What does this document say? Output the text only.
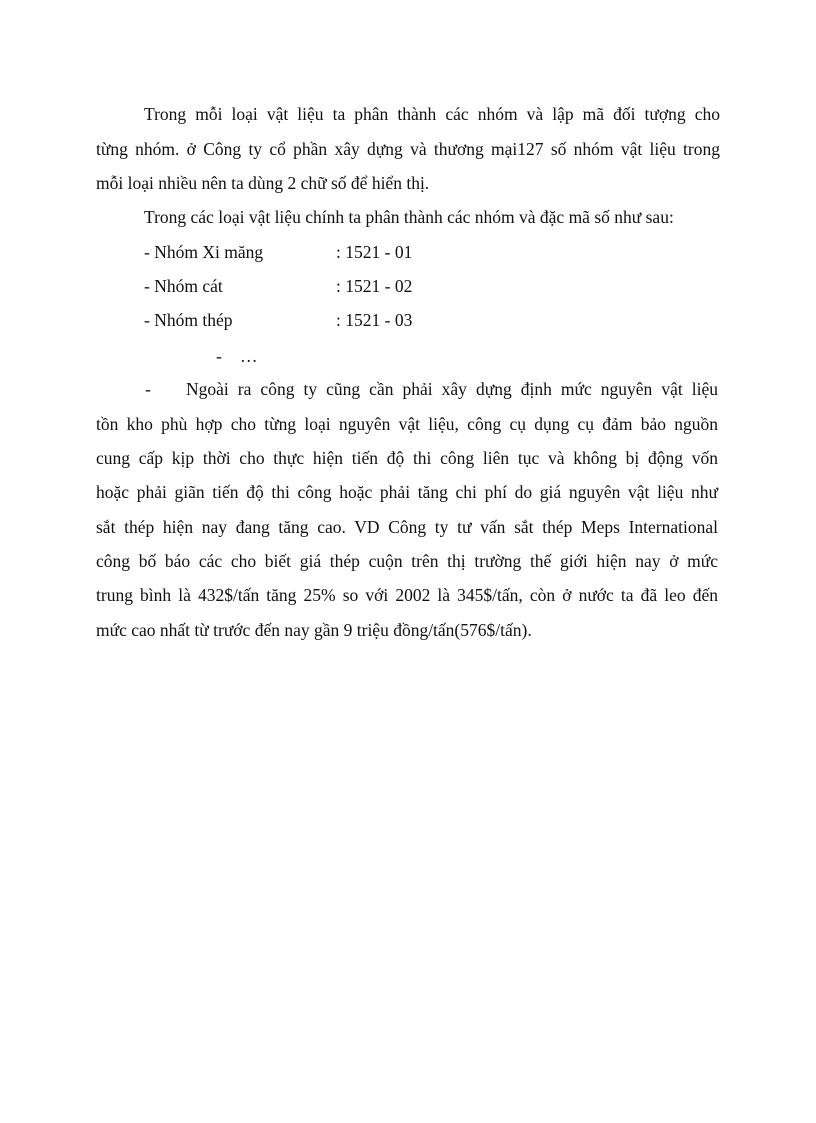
Trong mỗi loại vật liệu ta phân thành các nhóm và lập mã đối tượng cho
từng nhóm. ở Công ty cổ phần xây dựng và thương mại127 số nhóm vật liệu trong
mỗi loại nhiều nên ta dùng 2 chữ số để hiển thị.
Trong các loại vật liệu chính ta phân thành các nhóm và đặc mã số như sau:
- Nhóm Xi măng	: 1521 - 01
- Nhóm cát	: 1521 - 02
- Nhóm thép	: 1521 - 03
- …
- Ngoài ra công ty cũng cần phải xây dựng định mức nguyên vật liệu
tồn kho phù hợp cho từng loại nguyên vật liệu, công cụ dụng cụ đảm bảo nguồn
cung cấp kịp thời cho thực hiện tiến độ thi công liên tục và không bị động vốn
hoặc phải giãn tiến độ thi công hoặc phải tăng chi phí do giá nguyên vật liệu như
sắt thép hiện nay đang tăng cao. VD Công ty tư vấn sắt thép Meps International
công bố báo các cho biết giá thép cuộn trên thị trường thế giới hiện nay ở mức
trung bình là 432$/tấn tăng 25% so với 2002 là 345$/tấn, còn ở nước ta đã leo đến
mức cao nhất từ trước đến nay gần 9 triệu đồng/tấn(576$/tấn).
